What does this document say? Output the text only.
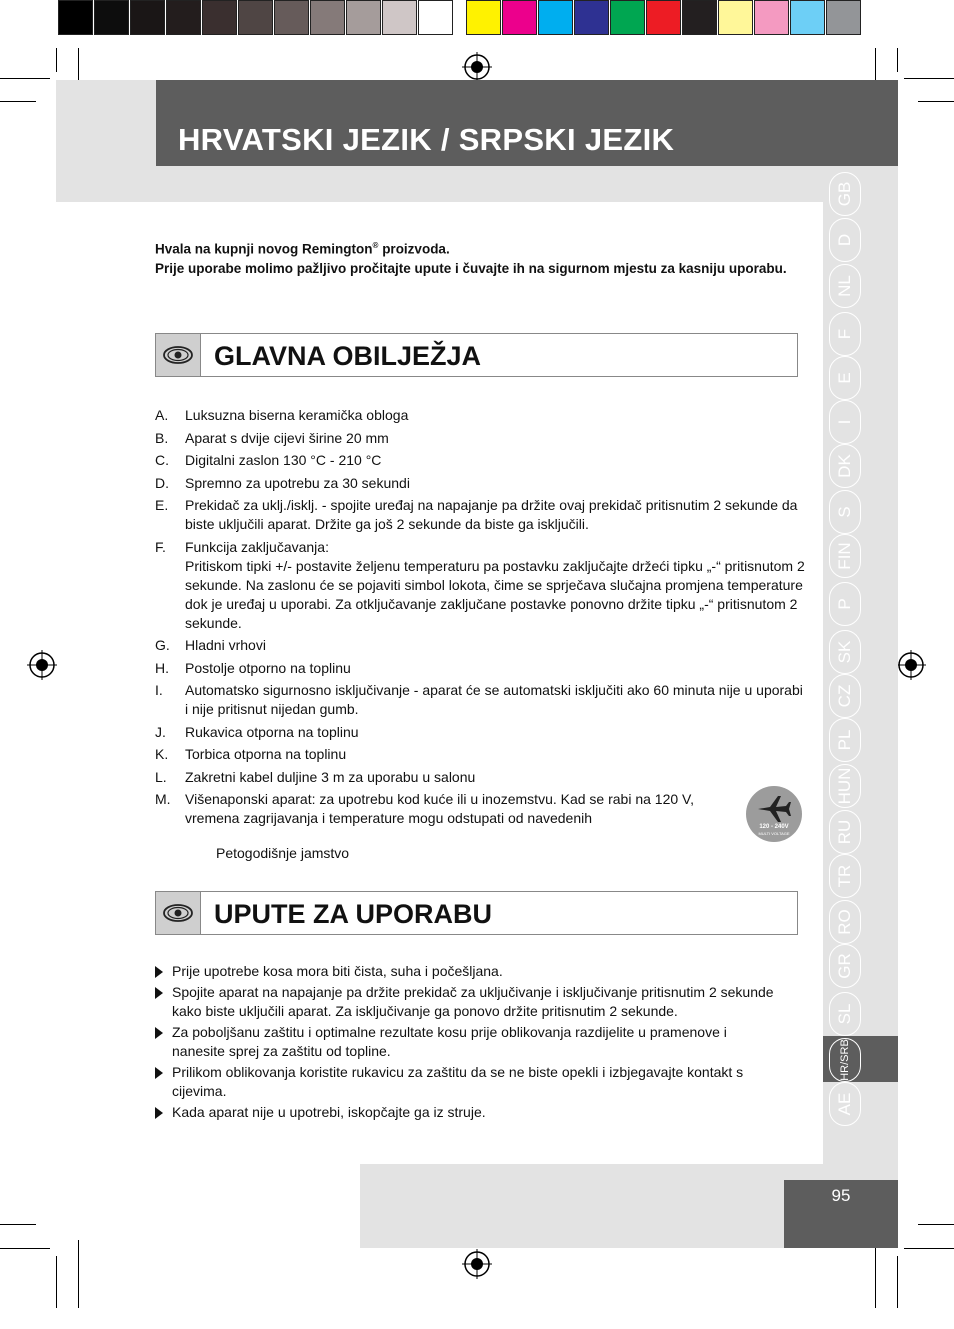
HRVATSKI JEZIK / SRPSKI JEZIK
95
GB
D
NL
F
E
I
DK
S
FIN
P
SK
CZ
PL
HUN
RU
TR
RO
GR
SL
HR/SRB
AE

Hvala na kupnji novog Remington® proizvoda.

Prije uporabe molimo pažljivo pročitajte upute i čuvajte ih na sigurnom mjestu za kasniju uporabu.

GLAVNA OBILJEŽJA
A. Luksuzna biserna keramička obloga
B. Aparat s dvije cijevi širine 20 mm
C. Digitalni zaslon 130 °C - 210 °C
D. Spremno za upotrebu za 30 sekundi
E. Prekidač za uklj./isklj. - spojite uređaj na napajanje pa držite ovaj prekidač pritisnutim 2 sekunde da biste uključili aparat. Držite ga još 2 sekunde da biste ga isključili.
F. Funkcija zaključavanja:
Pritiskom tipki +/- postavite željenu temperaturu pa postavku zaključajte držeći tipku „-“ pritisnutom 2 sekunde. Na zaslonu će se pojaviti simbol lokota, čime se sprječava slučajna promjena temperature dok je uređaj u uporabi. Za otključavanje zaključane postavke ponovno držite tipku „-“ pritisnutom 2 sekunde.
G. Hladni vrhovi
H. Postolje otporno na toplinu
I. Automatsko sigurnosno isključivanje - aparat će se automatski isključiti ako 60 minuta nije u uporabi i nije pritisnut nijedan gumb.
J. Rukavica otporna na toplinu
K. Torbica otporna na toplinu
L. Zakretni kabel duljine 3 m za uporabu u salonu
M. Višenaponski aparat: za upotrebu kod kuće ili u inozemstvu. Kad se rabi na 120 V, vremena zagrijavanja i temperature mogu odstupati od navedenih
Petogodišnje jamstvo
120 - 240V
MULTI VOLTAGE
UPUTE ZA UPORABU
Prije upotrebe kosa mora biti čista, suha i počešljana.
Spojite aparat na napajanje pa držite prekidač za uključivanje i isključivanje pritisnutim 2 sekunde kako biste uključili aparat. Za isključivanje ga ponovo držite pritisnutim 2 sekunde.
Za poboljšanu zaštitu i optimalne rezultate kosu prije oblikovanja razdijelite u pramenove i nanesite sprej za zaštitu od topline.
Prilikom oblikovanja koristite rukavicu za zaštitu da se ne biste opekli i izbjegavajte kontakt s cijevima.
Kada aparat nije u upotrebi, iskopčajte ga iz struje.
